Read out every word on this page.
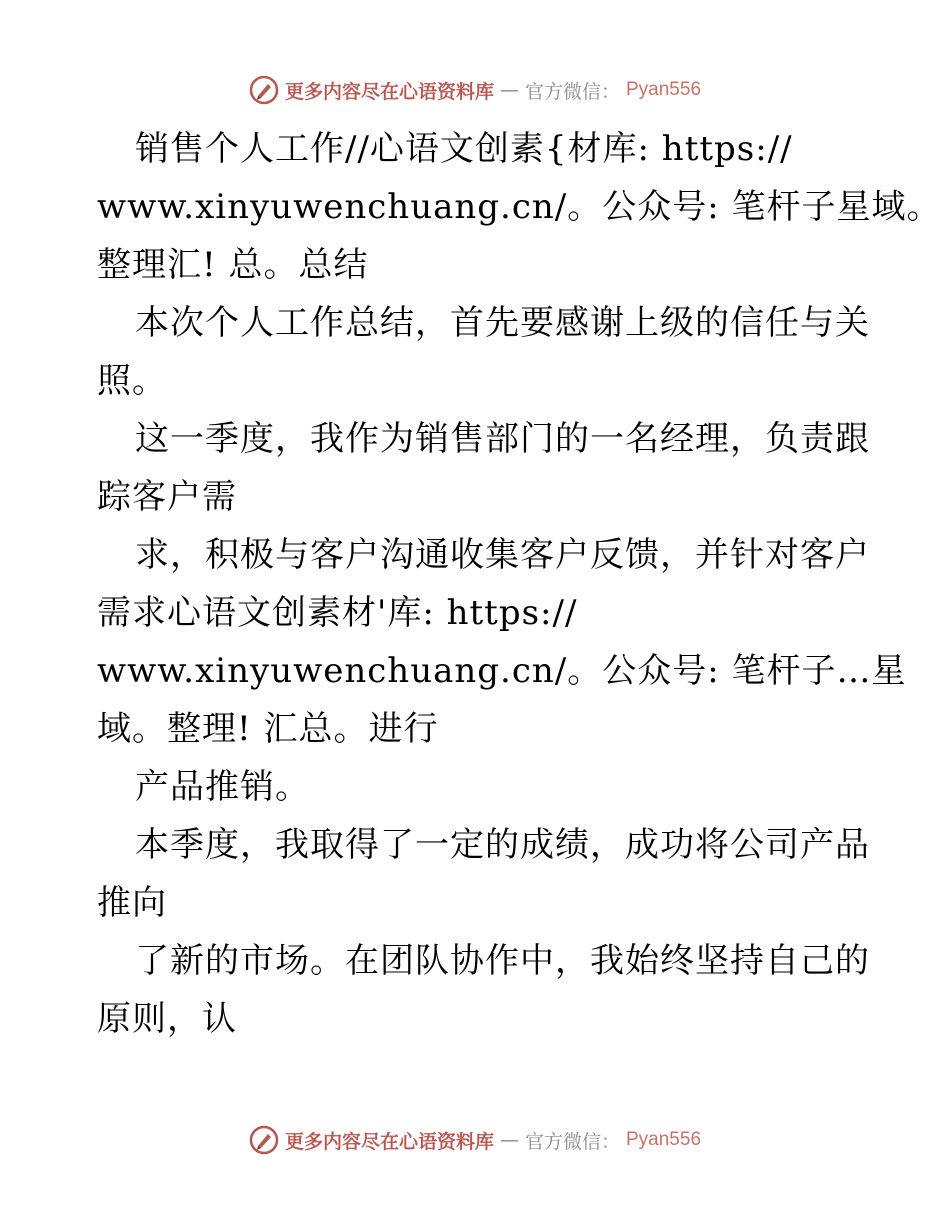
更多内容尽在心语资料库 — 官方微信： Pyan556
销售个人工作//心语文创素{材库: https://
www.xinyuwenchuang.cn/。公众号: 笔杆子星域。
整理汇! 总。总结
本次个人工作总结，首先要感谢上级的信任与关
照。
这一季度，我作为销售部门的一名经理，负责跟
踪客户需
求，积极与客户沟通收集客户反馈，并针对客户
需求心语文创素材'库: https://
www.xinyuwenchuang.cn/。公众号: 笔杆子…星
域。整理! 汇总。进行
产品推销。
本季度，我取得了一定的成绩，成功将公司产品
推向
了新的市场。在团队协作中，我始终坚持自己的
原则，认
更多内容尽在心语资料库 — 官方微信： Pyan556
